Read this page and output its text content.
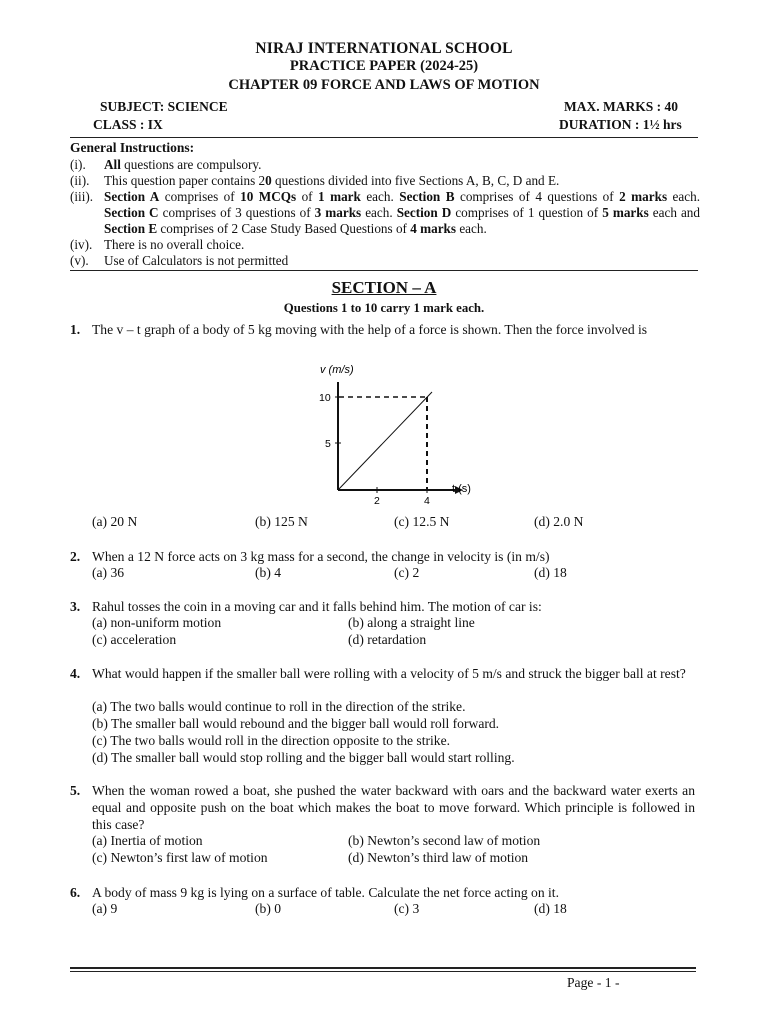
NIRAJ INTERNATIONAL SCHOOL
PRACTICE PAPER (2024-25)
CHAPTER 09 FORCE AND LAWS OF MOTION
SUBJECT: SCIENCE	MAX. MARKS : 40
CLASS : IX	DURATION : 1½ hrs
General Instructions:
(i). All questions are compulsory.
(ii). This question paper contains 20 questions divided into five Sections A, B, C, D and E.
(iii). Section A comprises of 10 MCQs of 1 mark each. Section B comprises of 4 questions of 2 marks each. Section C comprises of 3 questions of 3 marks each. Section D comprises of 1 question of 5 marks each and Section E comprises of 2 Case Study Based Questions of 4 marks each.
(iv). There is no overall choice.
(v). Use of Calculators is not permitted
SECTION – A
Questions 1 to 10 carry 1 mark each.
1. The v – t graph of a body of 5 kg moving with the help of a force is shown. Then the force involved is
v (m/s)
10
5
2	4
t (s)
(a) 20 N	(b) 125 N	(c) 12.5 N	(d) 2.0 N
2. When a 12 N force acts on 3 kg mass for a second, the change in velocity is (in m/s)
(a) 36	(b) 4	(c) 2	(d) 18
3. Rahul tosses the coin in a moving car and it falls behind him. The motion of car is:
(a) non-uniform motion	(b) along a straight line
(c) acceleration	(d) retardation
4. What would happen if the smaller ball were rolling with a velocity of 5 m/s and struck the bigger ball at rest?
(a) The two balls would continue to roll in the direction of the strike.
(b) The smaller ball would rebound and the bigger ball would roll forward.
(c) The two balls would roll in the direction opposite to the strike.
(d) The smaller ball would stop rolling and the bigger ball would start rolling.
5. When the woman rowed a boat, she pushed the water backward with oars and the backward water exerts an equal and opposite push on the boat which makes the boat to move forward. Which principle is followed in this case?
(a) Inertia of motion	(b) Newton’s second law of motion
(c) Newton’s first law of motion	(d) Newton’s third law of motion
6. A body of mass 9 kg is lying on a surface of table. Calculate the net force acting on it.
(a) 9	(b) 0	(c) 3	(d) 18
Page - 1 -
